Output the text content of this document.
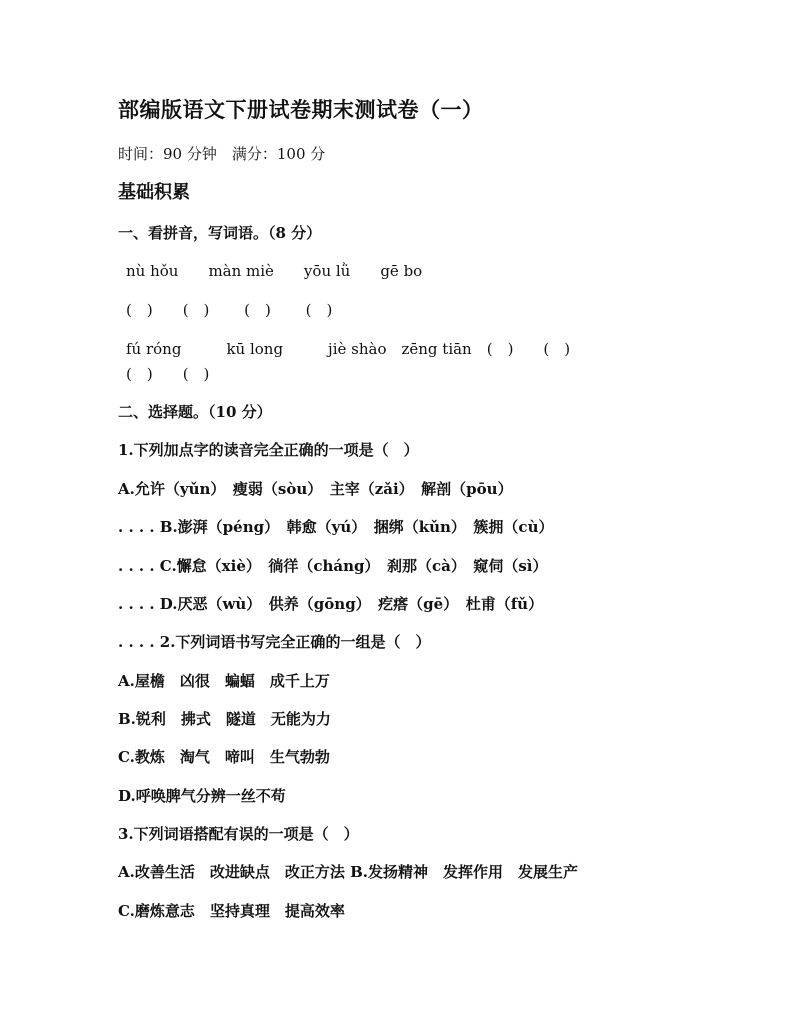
部编版语文下册试卷期末测试卷（一）
时间：90 分钟　满分：100 分
基础积累
一、看拼音，写词语。（8 分）
nù hǒu　　màn miè　　yōu lǜ　　gē bo
(　)　　(　)　　 (　)　　 (　)
fú róng　　　kū long　　　jiè shào　zēng tiān　(　)　　(　)
(　)　　(　)
二、选择题。（10 分）
1.下列加点字的读音完全正确的一项是（　）
A.允许（yǔn）　瘦弱（sòu）　主宰（zǎi）　解剖（pōu）
. . . . B.澎湃（péng）　韩愈（yú）　捆绑（kǔn）　簇拥（cù）
. . . . C.懈怠（xiè）　徜徉（cháng）　刹那（cà）　窥伺（sì）
. . . . D.厌恶（wù）　供养（gōng）　疙瘩（gē）　杜甫（fǔ）
. . . . 2.下列词语书写完全正确的一组是（　）
A.屋檐　凶很　蝙蝠　成千上万
B.锐利　拂式　隧道　无能为力
C.教炼　淘气　啼叫　生气勃勃
D.呼唤脾气分辨一丝不苟
3.下列词语搭配有误的一项是（　）
A.改善生活　改进缺点　改正方法 B.发扬精神　发挥作用　发展生产
C.磨炼意志　坚持真理　提高效率
